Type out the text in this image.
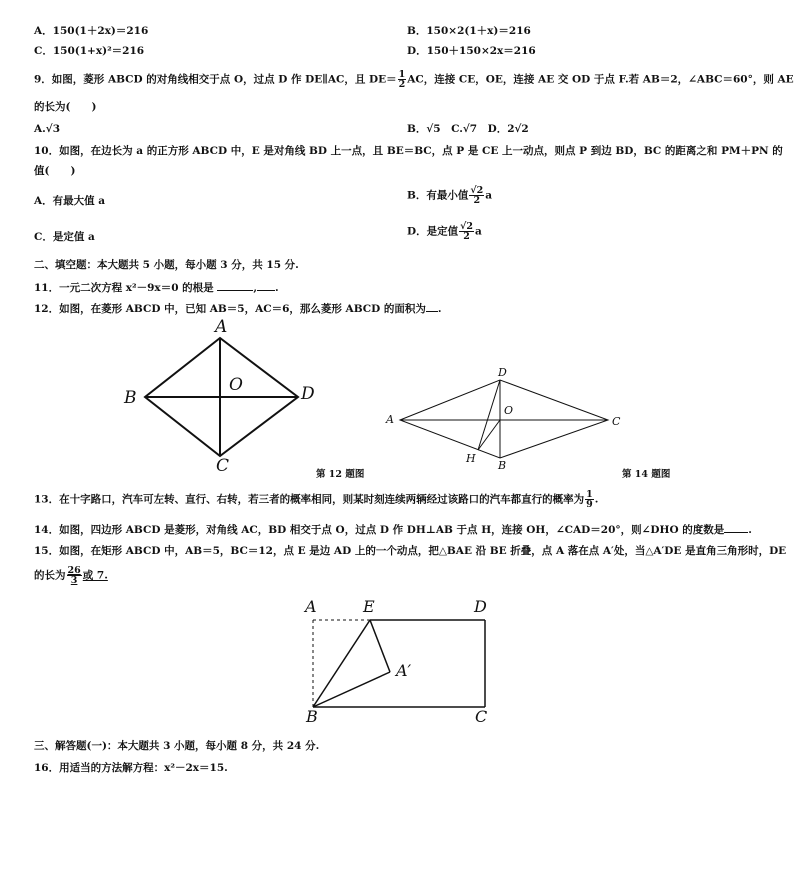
A．150(1＋2x)＝216	B．150×2(1＋x)＝216
C．150(1+x)²＝216	D．150＋150×2x＝216
9．如图，菱形 ABCD 的对角线相交于点 O，过点 D 作 DE∥AC，且 $DE= \frac{1}{2}$ AC，连接 CE，OE，连接 AE 交 OD 于点 F.若 AB＝2，∠ABC＝60°，则 AE
的长为(　　)
A.√3	B．√5　C.√7　D．2√2
10．如图，在边长为 a 的正方形 ABCD 中，E 是对角线 BD 上一点，且 BE＝BC，点 P 是 CE 上一动点，则点 P 到边 BD，BC 的距离之和 PM＋PN 的
值(　　)
A．有最大值 a	B．有最小值 $\frac{√2}{2}$ a
C．是定值 a	D．是定值 $\frac{√2}{2}$ a
二、填空题：本大题共 5 小题，每小题 3 分，共 15 分.
11．一元二次方程 x²－9x＝0 的根是	, .
12．如图，在菱形 ABCD 中，已知 AB＝5，AC＝6，那么菱形 ABCD 的面积为 .
A
B
O	D
C	第 12 题图
A
D
O
C
H
B
第 14 题图
13．在十字路口，汽车可左转、直行、右转，若三者的概率相同，则某时刻连续两辆经过该路口的汽车都直行的概率为 $\frac{1}{9}$ .
14．如图，四边形 ABCD 是菱形，对角线 AC，BD 相交于点 O，过点 D 作 DH⊥AB 于点 H，连接 OH，∠CAD＝20°，则∠DHO 的度数是 .
15．如图，在矩形 ABCD 中，AB＝5，BC＝12，点 E 是边 AD 上的一个动点，把△BAE 沿 BE 折叠，点 A 落在点 A′处，当△A′DE 是直角三角形时，DE
的长为 $\frac{26}{3}$ 或 7.
A	E	D
A′
B	C
三、解答题(一)：本大题共 3 小题，每小题 8 分，共 24 分.
16．用适当的方法解方程：x²－2x＝15.
